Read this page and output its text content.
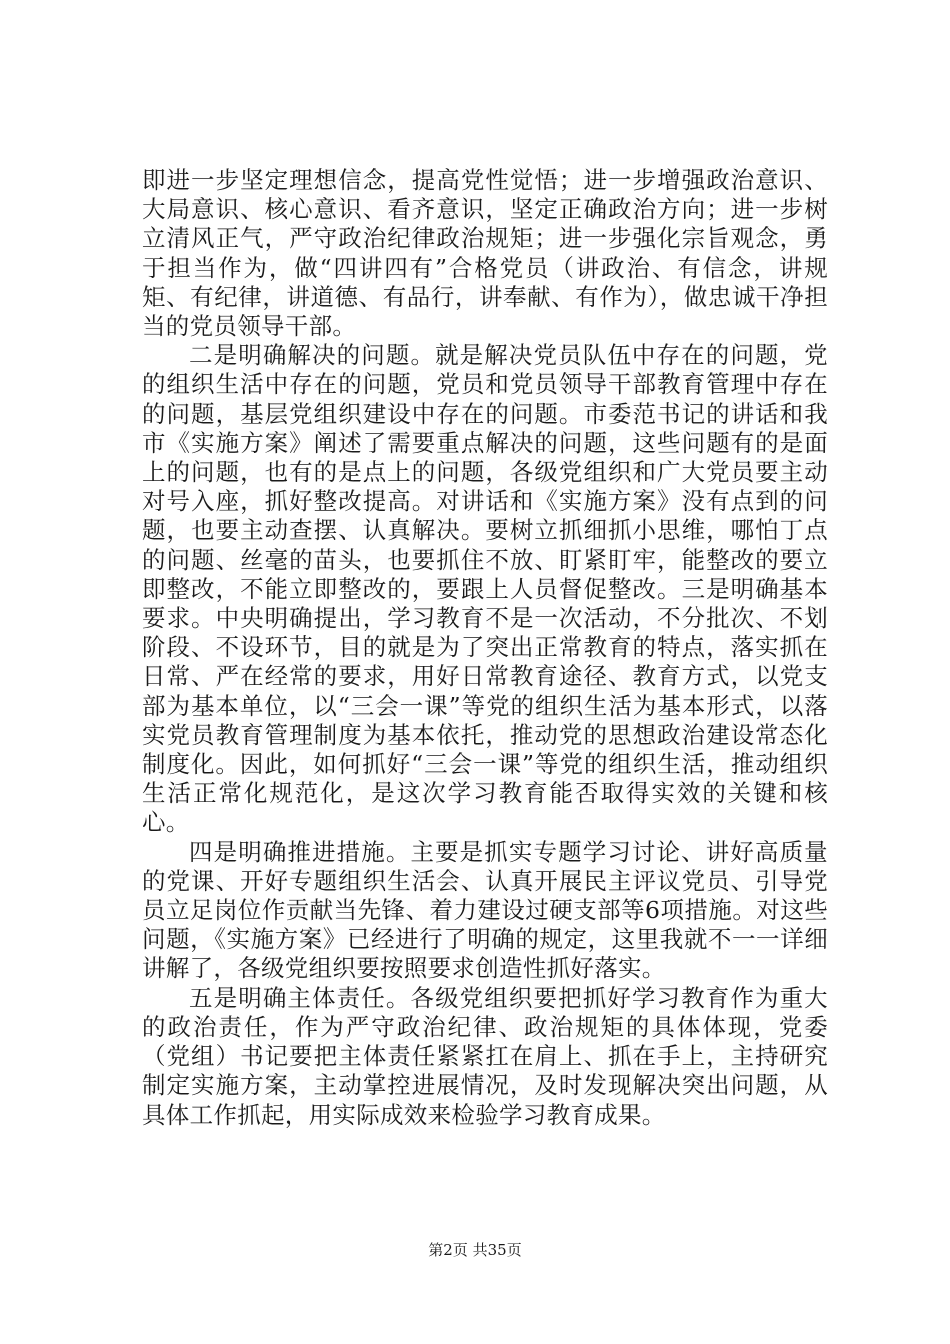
即进一步坚定理想信念，提高党性觉悟；进一步增强政治意识、大局意识、核心意识、看齐意识，坚定正确政治方向；进一步树立清风正气，严守政治纪律政治规矩；进一步强化宗旨观念，勇于担当作为，做“四讲四有”合格党员（讲政治、有信念，讲规矩、有纪律，讲道德、有品行，讲奉献、有作为），做忠诚干净担当的党员领导干部。

二是明确解决的问题。就是解决党员队伍中存在的问题，党的组织生活中存在的问题，党员和党员领导干部教育管理中存在的问题，基层党组织建设中存在的问题。市委范书记的讲话和我市《实施方案》阐述了需要重点解决的问题，这些问题有的是面上的问题，也有的是点上的问题，各级党组织和广大党员要主动对号入座，抓好整改提高。对讲话和《实施方案》没有点到的问题，也要主动查摆、认真解决。要树立抓细抓小思维，哪怕丁点的问题、丝毫的苗头，也要抓住不放、盯紧盯牢，能整改的要立即整改，不能立即整改的，要跟上人员督促整改。三是明确基本要求。中央明确提出，学习教育不是一次活动，不分批次、不划阶段、不设环节，目的就是为了突出正常教育的特点，落实抓在日常、严在经常的要求，用好日常教育途径、教育方式，以党支部为基本单位，以“三会一课”等党的组织生活为基本形式，以落实党员教育管理制度为基本依托，推动党的思想政治建设常态化制度化。因此，如何抓好“三会一课”等党的组织生活，推动组织生活正常化规范化，是这次学习教育能否取得实效的关键和核心。

四是明确推进措施。主要是抓实专题学习讨论、讲好高质量的党课、开好专题组织生活会、认真开展民主评议党员、引导党员立足岗位作贡献当先锋、着力建设过硬支部等6项措施。对这些问题，《实施方案》已经进行了明确的规定，这里我就不一一详细讲解了，各级党组织要按照要求创造性抓好落实。

五是明确主体责任。各级党组织要把抓好学习教育作为重大的政治责任，作为严守政治纪律、政治规矩的具体体现，党委（党组）书记要把主体责任紧紧扛在肩上、抓在手上，主持研究制定实施方案，主动掌控进展情况，及时发现解决突出问题，从具体工作抓起，用实际成效来检验学习教育成果。

第2页 共35页
